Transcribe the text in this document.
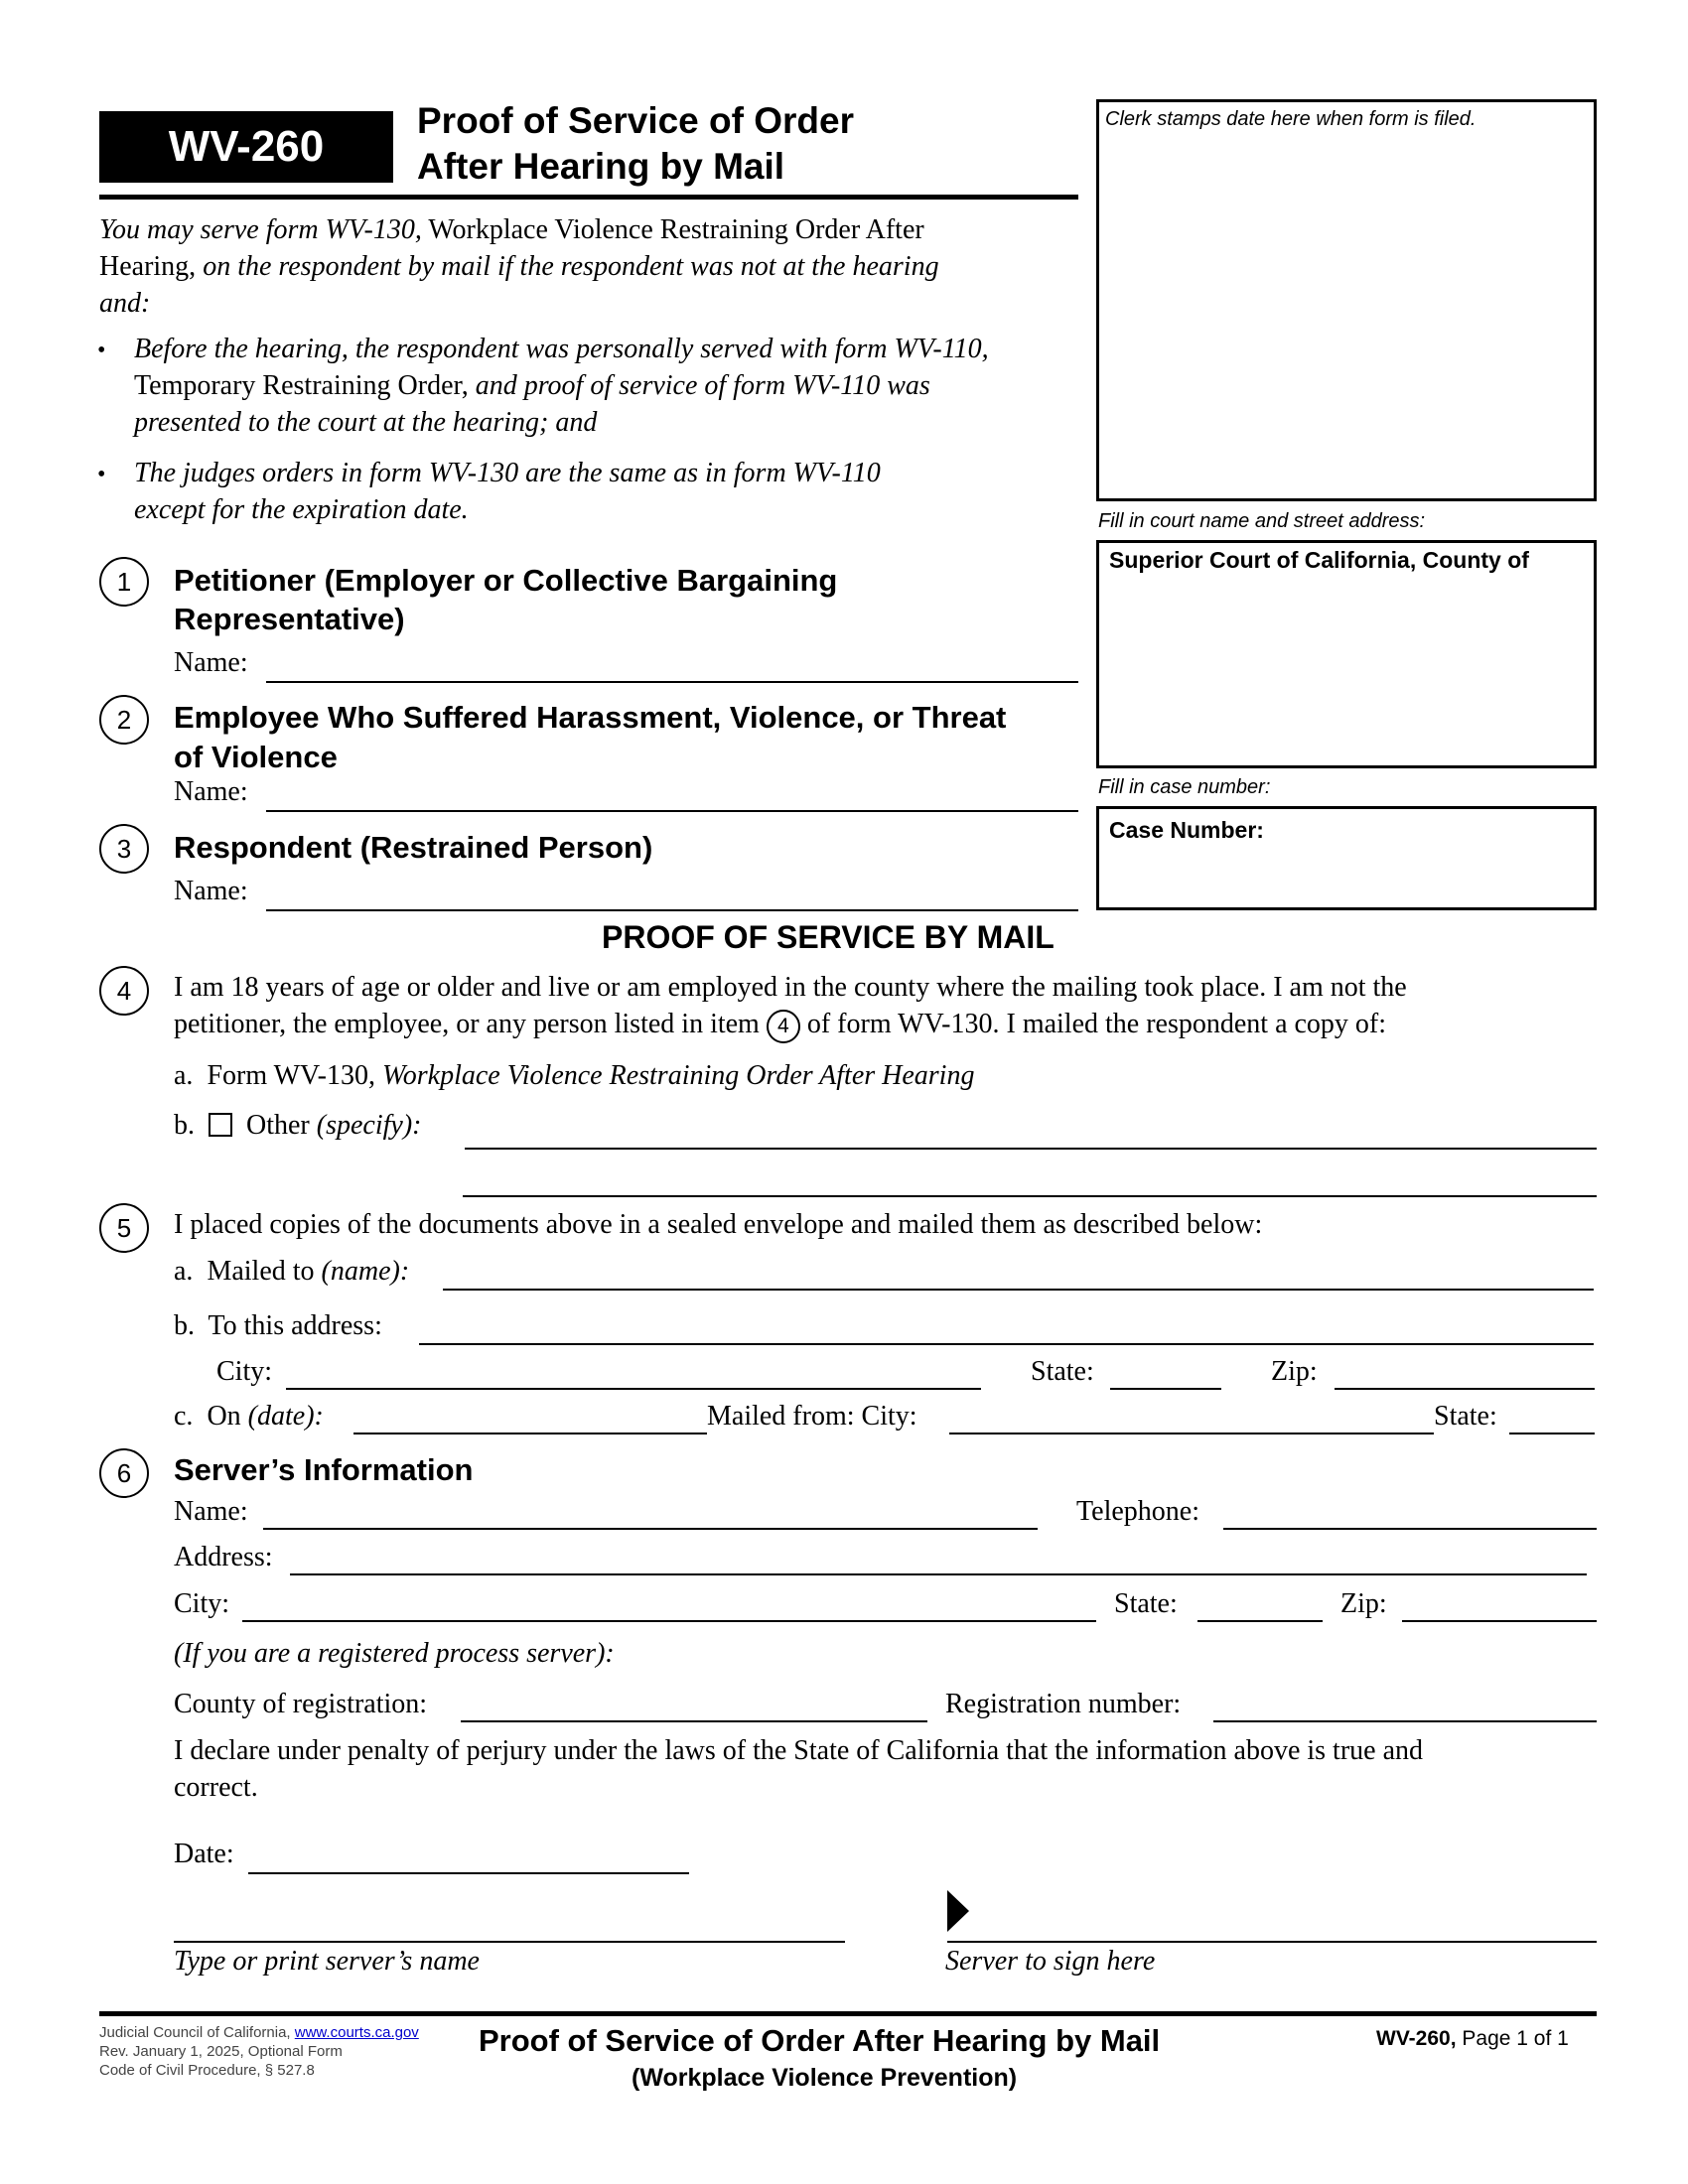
WV-260
Proof of Service of Order
After Hearing by Mail
You may serve form WV-130, Workplace Violence Restraining Order After
Hearing, on the respondent by mail if the respondent was not at the hearing
and:
• Before the hearing, the respondent was personally served with form WV-110,
Temporary Restraining Order, and proof of service of form WV-110 was
presented to the court at the hearing; and
• The judges orders in form WV-130 are the same as in form WV-110
except for the expiration date.
Clerk stamps date here when form is filed.
Fill in court name and street address:
Superior Court of California, County of
Fill in case number:
Case Number:
1	Petitioner (Employer or Collective Bargaining
Representative)
Name:
2	Employee Who Suffered Harassment, Violence, or Threat
of Violence
Name:
3	Respondent (Restrained Person)
Name:
PROOF OF SERVICE BY MAIL
4	I am 18 years of age or older and live or am employed in the county where the mailing took place. I am not the
petitioner, the employee, or any person listed in item 4 of form WV-130. I mailed the respondent a copy of:
a. Form WV-130, Workplace Violence Restraining Order After Hearing
b. Other (specify):
5	I placed copies of the documents above in a sealed envelope and mailed them as described below:
a. Mailed to (name):
b. To this address:
City:	State:	Zip:
c. On (date):	Mailed from: City:	State:
6	Server’s Information
Name:	Telephone:
Address:
City:	State:	Zip:
(If you are a registered process server):
County of registration:	Registration number:
I declare under penalty of perjury under the laws of the State of California that the information above is true and
correct.
Date:
Type or print server’s name	Server to sign here
Judicial Council of California, www.courts.ca.gov
Rev. January 1, 2025, Optional Form
Code of Civil Procedure, § 527.8
Proof of Service of Order After Hearing by Mail
(Workplace Violence Prevention)
WV-260, Page 1 of 1
